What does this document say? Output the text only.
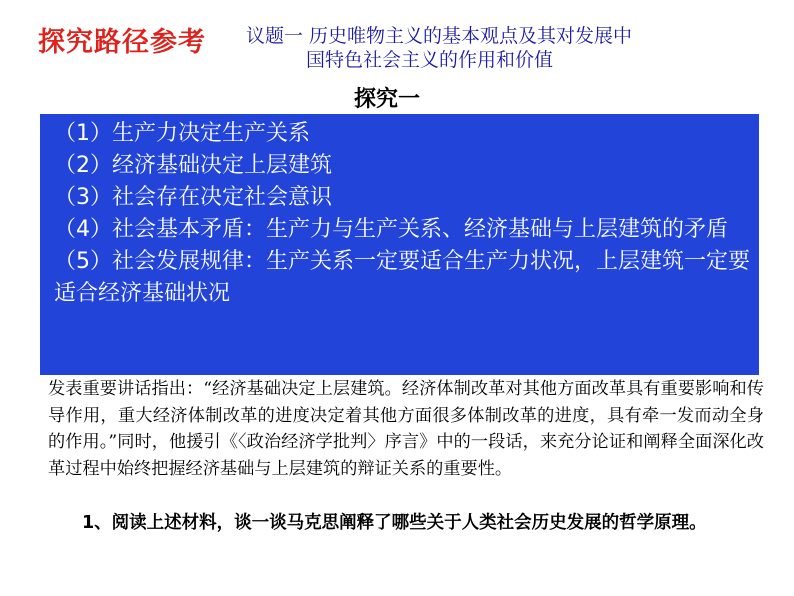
探究路径参考 议题一 历史唯物主义的基本观点及其对发展中
国特色社会主义的作用和价值
探究一

（1）生产力决定生产关系

（2）经济基础决定上层建筑

（3）社会存在决定社会意识

（4）社会基本矛盾：生产力与生产关系、经济基础与上层建筑的矛盾

（5）社会发展规律：生产关系一定要适合生产力状况，上层建筑一定要适合经济基础状况

发表重要讲话指出：“经济基础决定上层建筑。经济体制改革对其他方面改革具有重要影响和传导作用，重大经济体制改革的进度决定着其他方面很多体制改革的进度，具有牵一发而动全身 的作用。”同时，他援引《〈政治经济学批判〉序言》中的一段话，来充分论证和阐释全面深化改革过程中始终把握经济基础与上层建筑的辩证关系的重要性。

1、阅读上述材料，谈一谈马克思阐释了哪些关于人类社会历史发展的哲学原理。
